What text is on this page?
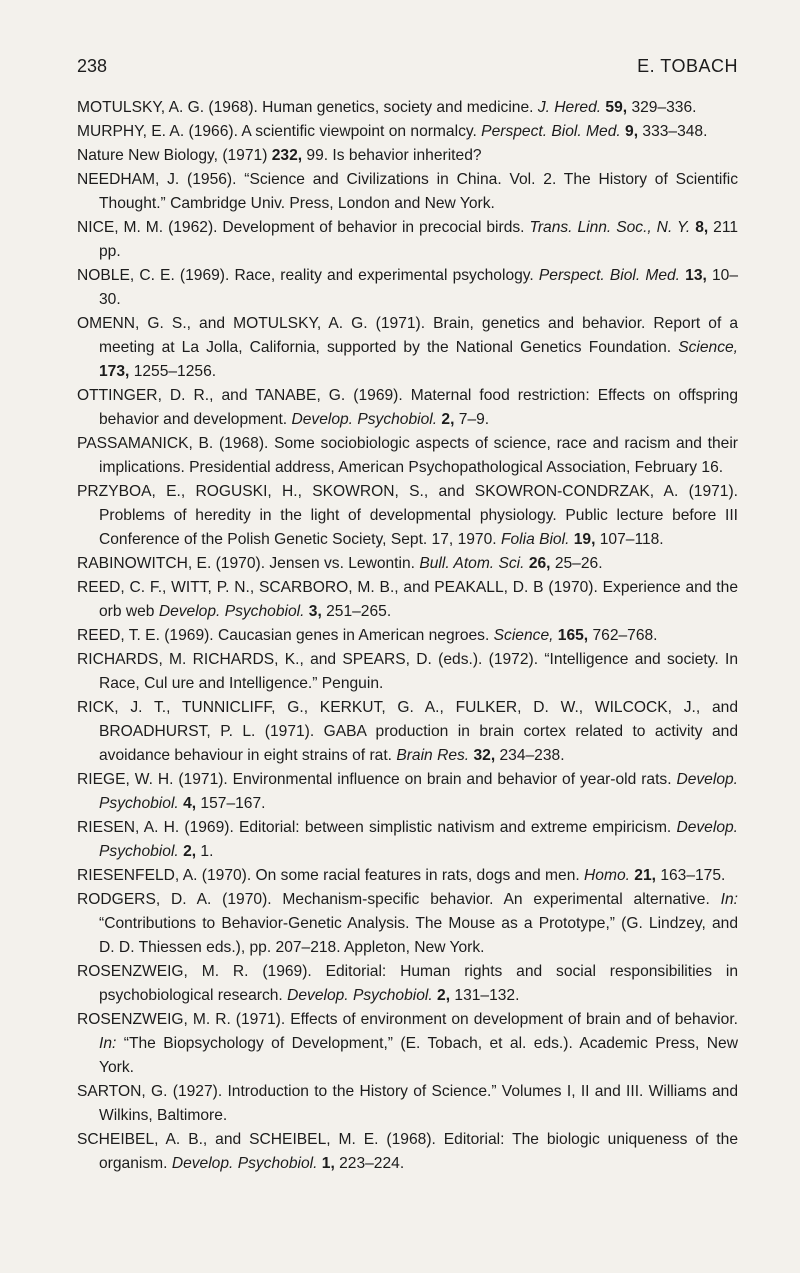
238	E. TOBACH

MOTULSKY, A. G. (1968). Human genetics, society and medicine. J. Hered. 59, 329–336.

MURPHY, E. A. (1966). A scientific viewpoint on normalcy. Perspect. Biol. Med. 9, 333–348.

Nature New Biology, (1971) 232, 99. Is behavior inherited?

NEEDHAM, J. (1956). “Science and Civilizations in China. Vol. 2. The History of Scientific Thought.” Cambridge Univ. Press, London and New York.

NICE, M. M. (1962). Development of behavior in precocial birds. Trans. Linn. Soc., N. Y. 8, 211 pp.

NOBLE, C. E. (1969). Race, reality and experimental psychology. Perspect. Biol. Med. 13, 10–30.

OMENN, G. S., and MOTULSKY, A. G. (1971). Brain, genetics and behavior. Report of a meeting at La Jolla, California, supported by the National Genetics Foundation. Science, 173, 1255–1256.

OTTINGER, D. R., and TANABE, G. (1969). Maternal food restriction: Effects on offspring behavior and development. Develop. Psychobiol. 2, 7–9.

PASSAMANICK, B. (1968). Some sociobiologic aspects of science, race and racism and their implications. Presidential address, American Psychopathological Association, February 16.

PRZYBOA, E., ROGUSKI, H., SKOWRON, S., and SKOWRON-CONDRZAK, A. (1971). Problems of heredity in the light of developmental physiology. Public lecture before III Conference of the Polish Genetic Society, Sept. 17, 1970. Folia Biol. 19, 107–118.

RABINOWITCH, E. (1970). Jensen vs. Lewontin. Bull. Atom. Sci. 26, 25–26.

REED, C. F., WITT, P. N., SCARBORO, M. B., and PEAKALL, D. B (1970). Experience and the orb web Develop. Psychobiol. 3, 251–265.

REED, T. E. (1969). Caucasian genes in American negroes. Science, 165, 762–768.

RICHARDS, M. RICHARDS, K., and SPEARS, D. (eds.). (1972). “Intelligence and society. In Race, Cul ure and Intelligence.” Penguin.

RICK, J. T., TUNNICLIFF, G., KERKUT, G. A., FULKER, D. W., WILCOCK, J., and BROADHURST, P. L. (1971). GABA production in brain cortex related to activity and avoidance behaviour in eight strains of rat. Brain Res. 32, 234–238.

RIEGE, W. H. (1971). Environmental influence on brain and behavior of year-old rats. Develop. Psychobiol. 4, 157–167.

RIESEN, A. H. (1969). Editorial: between simplistic nativism and extreme empiricism. Develop. Psychobiol. 2, 1.

RIESENFELD, A. (1970). On some racial features in rats, dogs and men. Homo. 21, 163–175.

RODGERS, D. A. (1970). Mechanism-specific behavior. An experimental alternative. In: “Contributions to Behavior-Genetic Analysis. The Mouse as a Prototype,” (G. Lindzey, and D. D. Thiessen eds.), pp. 207–218. Appleton, New York.

ROSENZWEIG, M. R. (1969). Editorial: Human rights and social responsibilities in psychobiological research. Develop. Psychobiol. 2, 131–132.

ROSENZWEIG, M. R. (1971). Effects of environment on development of brain and of behavior. In: “The Biopsychology of Development,” (E. Tobach, et al. eds.). Academic Press, New York.

SARTON, G. (1927). Introduction to the History of Science.” Volumes I, II and III. Williams and Wilkins, Baltimore.

SCHEIBEL, A. B., and SCHEIBEL, M. E. (1968). Editorial: The biologic uniqueness of the organism. Develop. Psychobiol. 1, 223–224.
